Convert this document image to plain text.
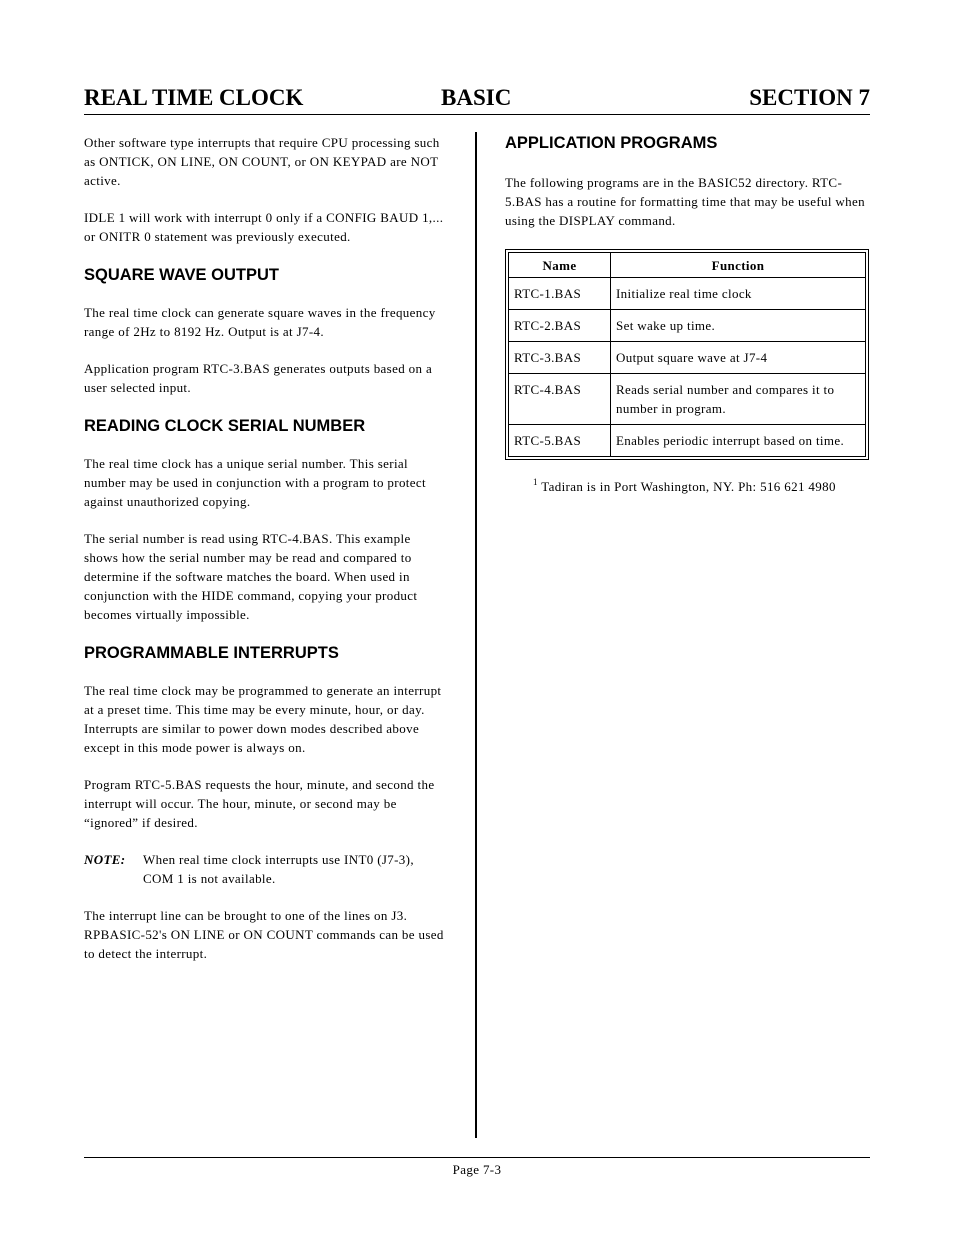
REAL TIME CLOCK	BASIC	SECTION 7

Other software type interrupts that require CPU processing such as ONTICK, ON LINE, ON COUNT, or ON KEYPAD are NOT active.

IDLE 1 will work with interrupt 0 only if a CONFIG BAUD 1,... or ONITR 0 statement was previously executed.

SQUARE WAVE OUTPUT

The real time clock can generate square waves in the frequency range of 2Hz to 8192 Hz. Output is at J7-4.

Application program RTC-3.BAS generates outputs based on a user selected input.

READING CLOCK SERIAL NUMBER

The real time clock has a unique serial number. This serial number may be used in conjunction with a program to protect against unauthorized copying.

The serial number is read using RTC-4.BAS. This example shows how the serial number may be read and compared to determine if the software matches the board. When used in conjunction with the HIDE command, copying your product becomes virtually impossible.

PROGRAMMABLE INTERRUPTS

The real time clock may be programmed to generate an interrupt at a preset time. This time may be every minute, hour, or day. Interrupts are similar to power down modes described above except in this mode power is always on.

Program RTC-5.BAS requests the hour, minute, and second the interrupt will occur. The hour, minute, or second may be “ignored” if desired.

NOTE:	When real time clock interrupts use INT0 (J7-3), COM 1 is not available.

The interrupt line can be brought to one of the lines on J3. RPBASIC-52's ON LINE or ON COUNT commands can be used to detect the interrupt.

APPLICATION PROGRAMS

The following programs are in the BASIC52 directory. RTC-5.BAS has a routine for formatting time that may be useful when using the DISPLAY command.

Name	Function
RTC-1.BAS	Initialize real time clock
RTC-2.BAS	Set wake up time.
RTC-3.BAS	Output square wave at J7-4
RTC-4.BAS	Reads serial number and compares it to number in program.
RTC-5.BAS	Enables periodic interrupt based on time.
$^1$ Tadiran is in Port Washington, NY. Ph: 516 621 4980
Page 7-3
